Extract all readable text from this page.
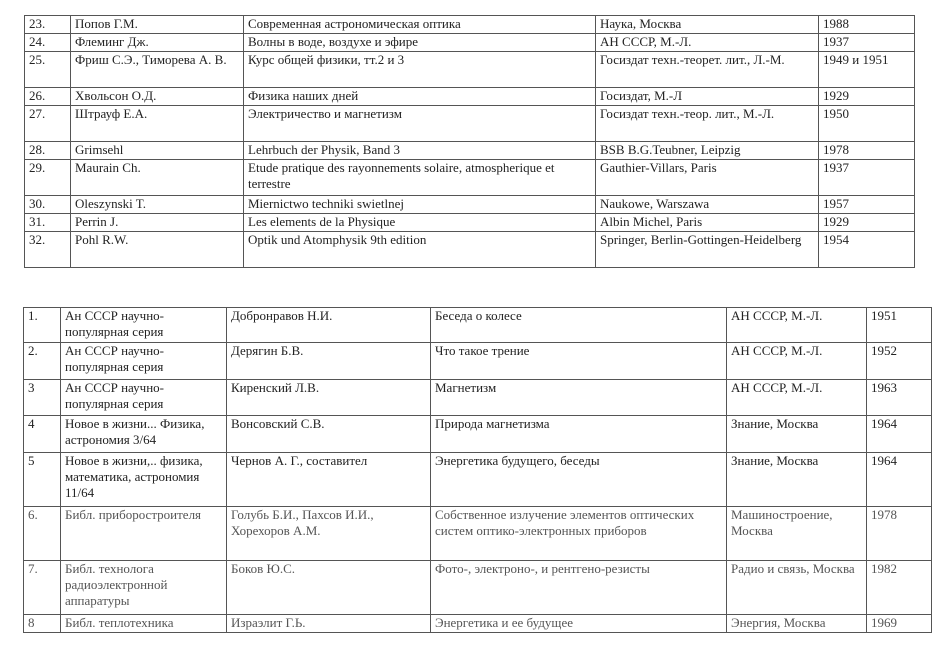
23.	Попов Г.М.	Современная астрономическая оптика	Наука, Москва	1988
24.	Флеминг Дж.	Волны в воде, воздухе и эфире	АН СССР, М.-Л.	1937
25.	Фриш С.Э., Тиморева А. В.	Курс общей физики, тт.2 и 3	Госиздат техн.-теорет. лит., Л.-М.	1949 и 1951
26.	Хвольсон О.Д.	Физика наших дней	Госиздат, М.-Л	1929
27.	Штрауф Е.А.	Электричество и магнетизм	Госиздат техн.-теор. лит., М.-Л.	1950
28.	Grimsehl	Lehrbuch der Physik, Band 3	BSB B.G.Teubner, Leipzig	1978
29.	Maurain Ch.	Etude pratique des rayonnements solaire, atmospherique et terrestre	Gauthier-Villars, Paris	1937
30.	Oleszynski T.	Miernictwo techniki swietlnej	Naukowe, Warszawa	1957
31.	Perrin J.	Les elements de la Physique	Albin Michel, Paris	1929
32.	Pohl R.W.	Optik und Atomphysik 9th edition	Springer, Berlin-Gottingen-Heidelberg	1954
1.	Ан СССР научно-популярная серия	Добронравов Н.И.	Беседа о колесе	АН СССР, М.-Л.	1951
2.	Ан СССР научно-популярная серия	Дерягин Б.В.	Что такое трение	АН СССР, М.-Л.	1952
3	Ан СССР научно-популярная серия	Киренский Л.В.	Магнетизм	АН СССР, М.-Л.	1963
4	Новое в жизни... Физика, астрономия 3/64	Вонсовский С.В.	Природа магнетизма	Знание, Москва	1964
5	Новое в жизни,.. физика, математика, астрономия 11/64	Чернов А. Г., составител	Энергетика будущего, беседы	Знание, Москва	1964
6.	Библ. приборостроителя	Голубь Б.И., Пахсов И.И., Хорехоров А.М.	Собственное излучение элементов оптических систем оптико-электронных приборов	Машиностроение, Москва	1978
7.	Библ. технолога радиоэлектронной аппаратуры	Боков Ю.С.	Фото-, электроно-, и рентгено-резисты	Радио и связь, Москва	1982
8	Библ. теплотехника	Израэлит Г.Ь.	Энергетика и ее будущее	Энергия, Москва	1969
